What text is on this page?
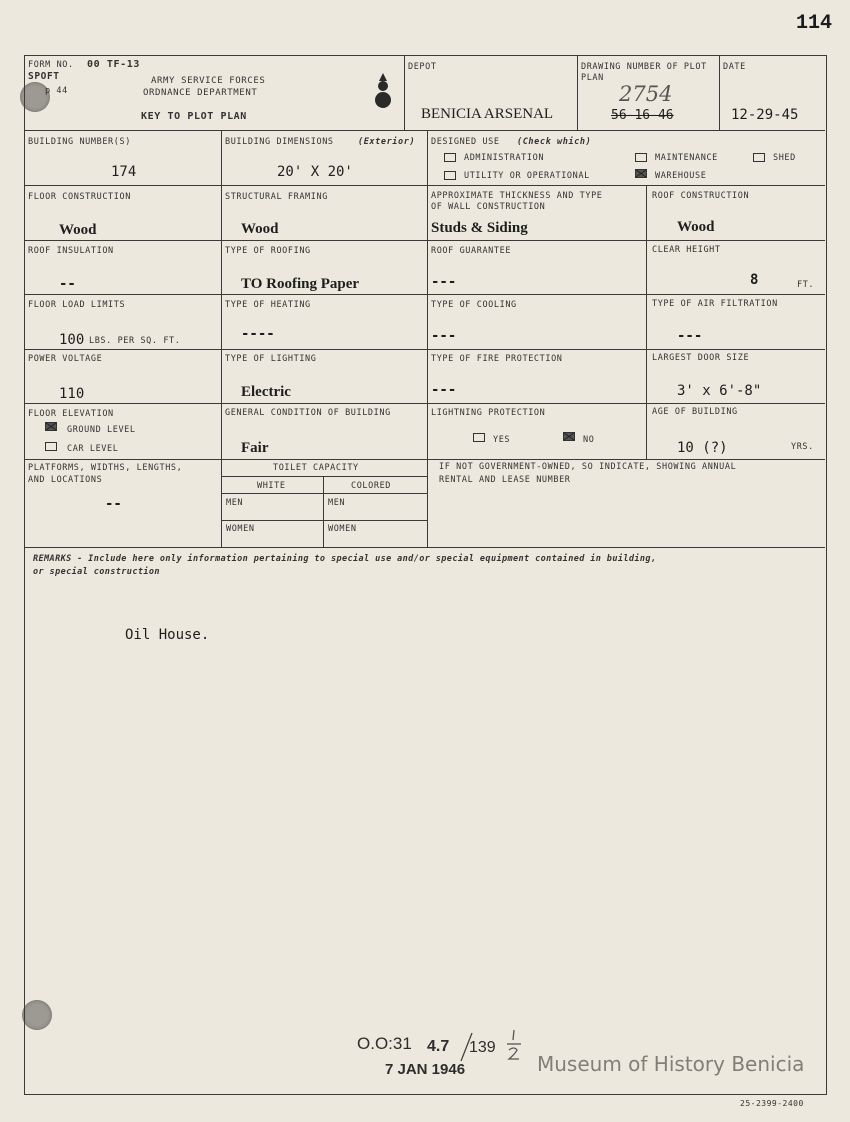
114
FORM NO. 00 TF-13
SPOFT
p 44
ARMY SERVICE FORCES
ORDNANCE DEPARTMENT
KEY TO PLOT PLAN
DEPOT
BENICIA ARSENAL
DRAWING NUMBER OF PLOT PLAN
2754
56-16-46
DATE
12-29-45
BUILDING NUMBER(S)
174
BUILDING DIMENSIONS	(Exterior)
20' X 20'
DESIGNED USE (Check which)
ADMINISTRATION	MAINTENANCE	SHED
UTILITY OR OPERATIONAL	WAREHOUSE
FLOOR CONSTRUCTION
Wood
STRUCTURAL FRAMING
Wood
APPROXIMATE THICKNESS AND TYPE
OF WALL CONSTRUCTION
Studs & Siding
ROOF CONSTRUCTION
Wood
ROOF INSULATION
--
TYPE OF ROOFING
TO Roofing Paper
ROOF GUARANTEE
---
CLEAR HEIGHT
8	FT.
FLOOR LOAD LIMITS
100 LBS. PER SQ. FT.
TYPE OF HEATING
----
TYPE OF COOLING
---
TYPE OF AIR FILTRATION
---
POWER VOLTAGE
110
TYPE OF LIGHTING
Electric
TYPE OF FIRE PROTECTION
---
LARGEST DOOR SIZE
3' x 6'-8"
FLOOR ELEVATION
GROUND LEVEL
CAR LEVEL
GENERAL CONDITION OF BUILDING
Fair
LIGHTNING PROTECTION
YES	NO
AGE OF BUILDING
10 (?)	YRS.
PLATFORMS, WIDTHS, LENGTHS,
AND LOCATIONS
--
TOILET CAPACITY
WHITE	COLORED
MEN	MEN
WOMEN	WOMEN
IF NOT GOVERNMENT-OWNED, SO INDICATE, SHOWING ANNUAL
RENTAL AND LEASE NUMBER
REMARKS - Include here only information pertaining to special use and/or special equipment contained in building,
or special construction
Oil House.
O.O:31 4.7 139
7 JAN 1946	Museum of History Benicia
25-2399-2400
